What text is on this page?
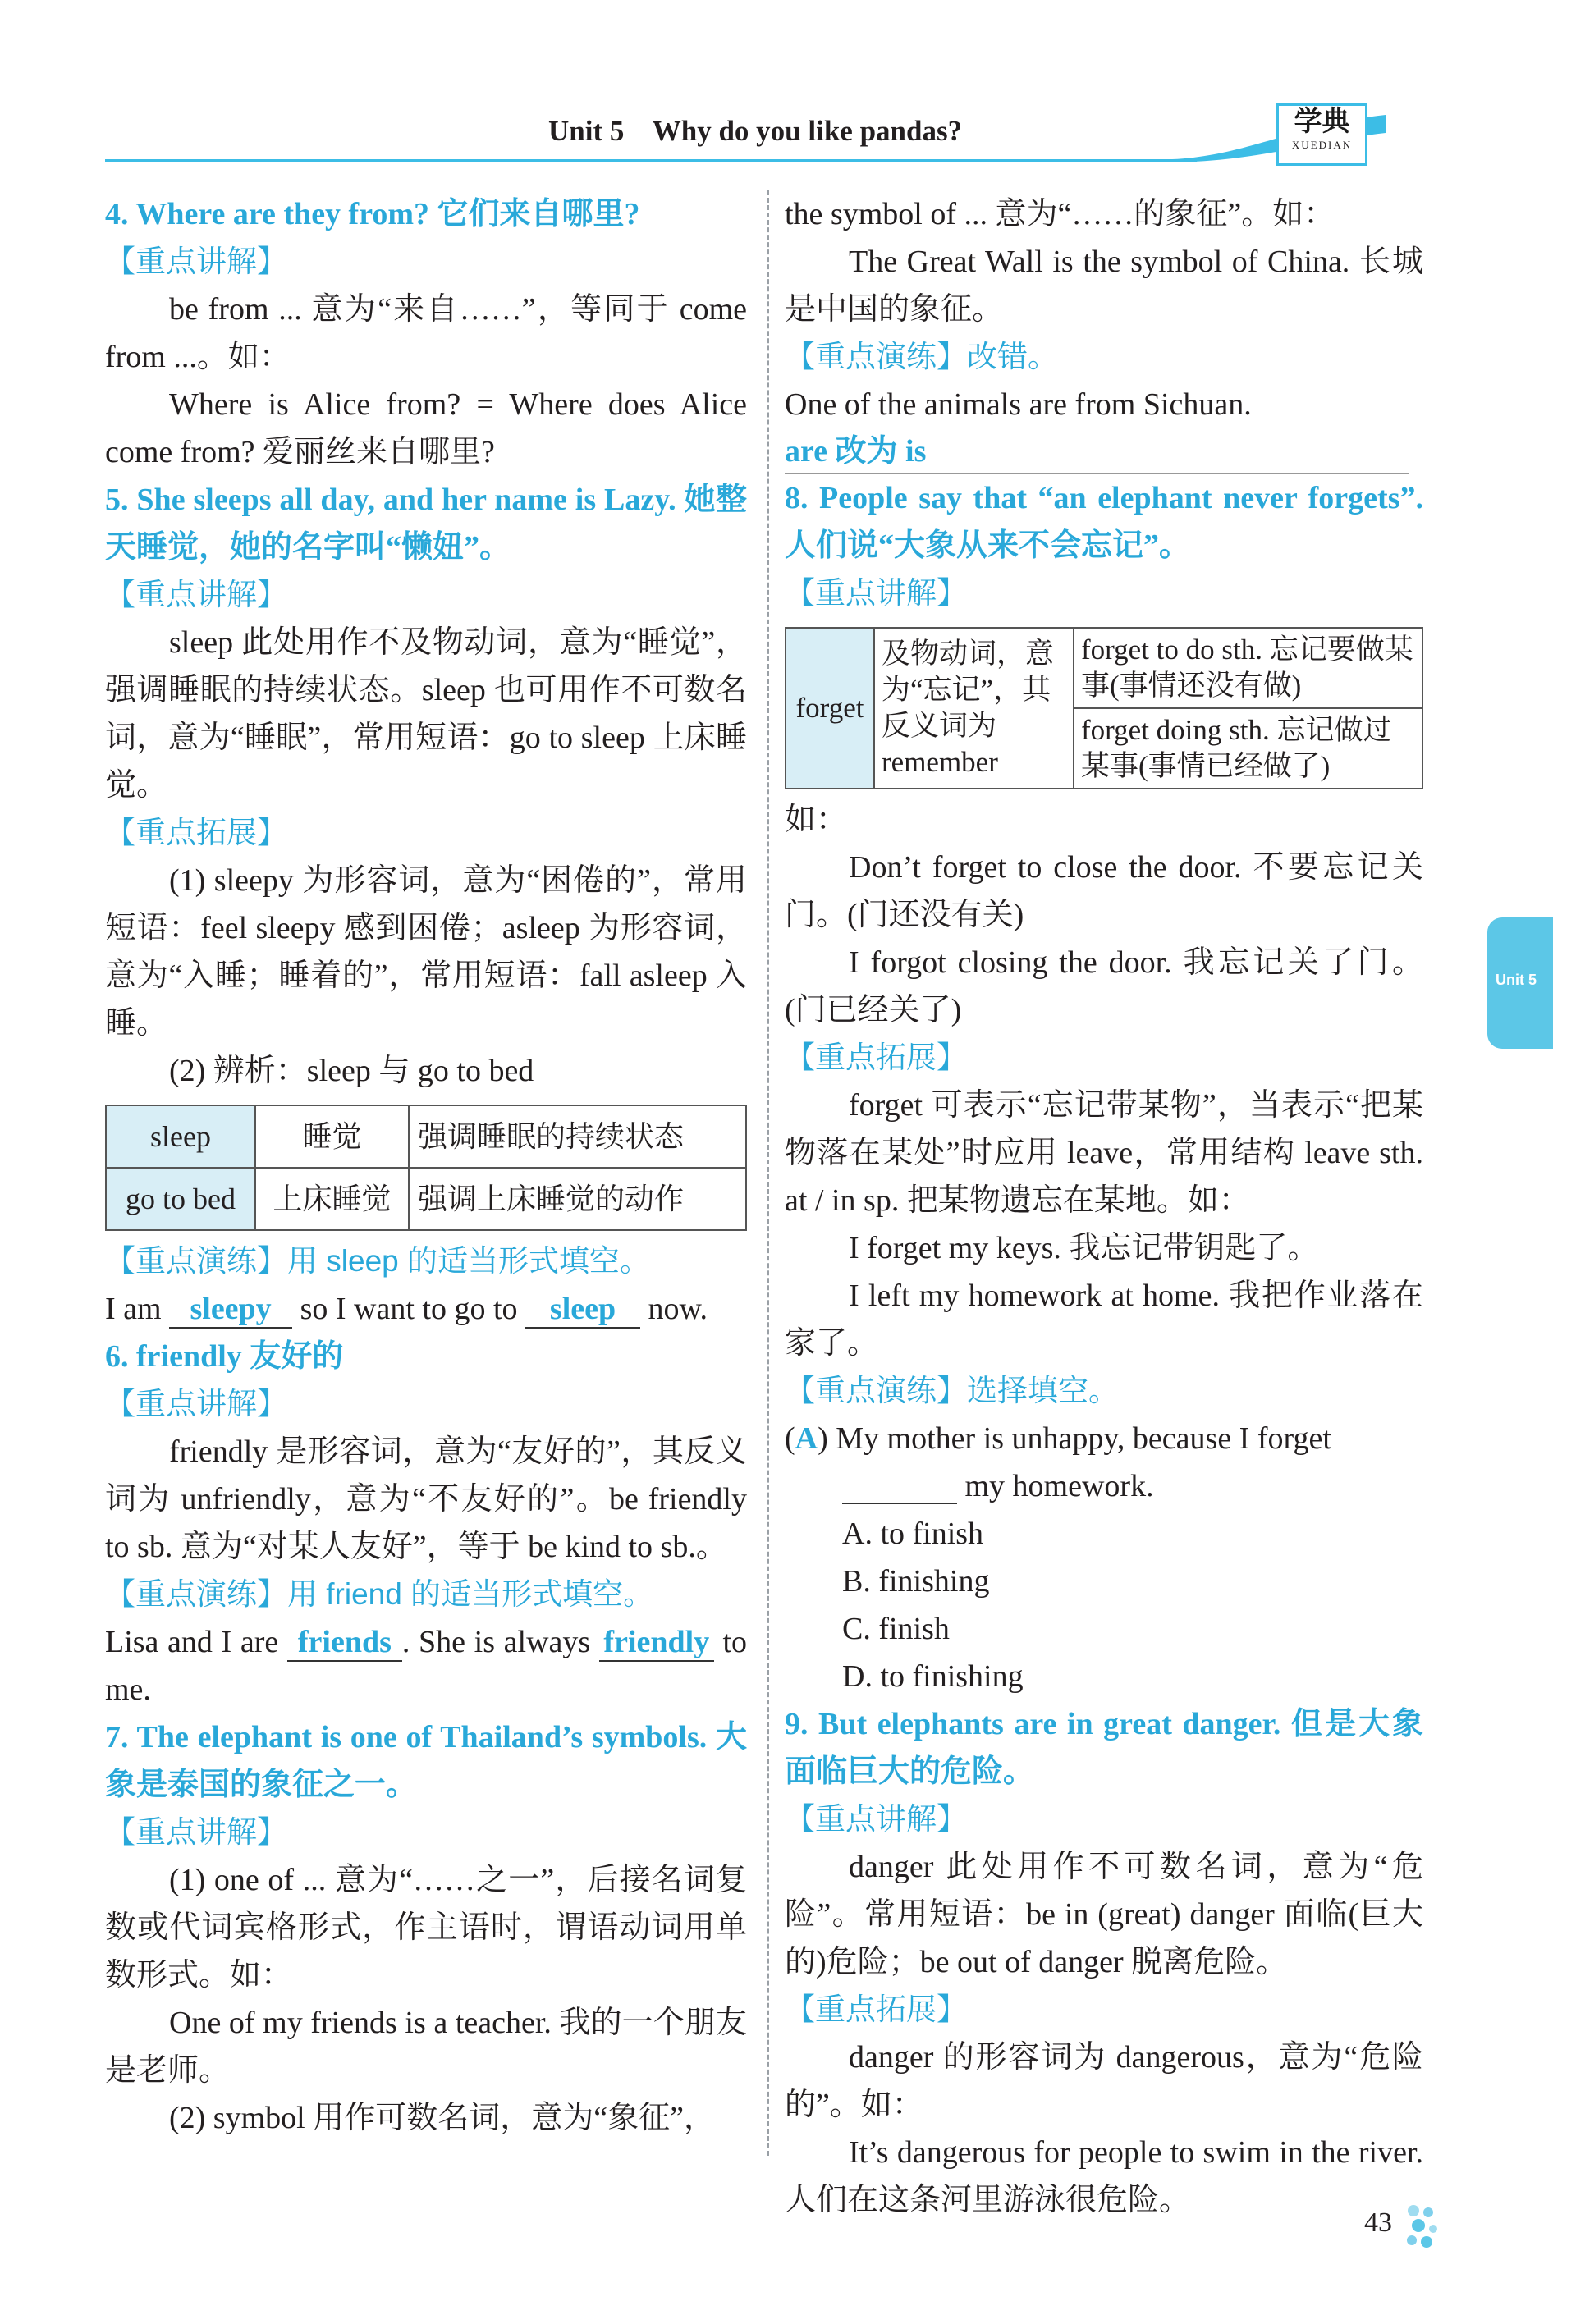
Unit 5    Why do you like pandas?	学典
XUEDIAN
Unit 5

4. Where are they from? 它们来自哪里?

【重点讲解】

be from ... 意为“来自……”，等同于 come from ...。如：

Where is Alice from? = Where does Alice come from? 爱丽丝来自哪里?

5. She sleeps all day, and her name is Lazy. 她整天睡觉，她的名字叫“懒妞”。

【重点讲解】

sleep 此处用作不及物动词，意为“睡觉”，强调睡眠的持续状态。sleep 也可用作不可数名词，意为“睡眠”，常用短语：go to sleep 上床睡觉。

【重点拓展】

(1) sleepy 为形容词，意为“困倦的”，常用短语：feel sleepy 感到困倦；asleep 为形容词，意为“入睡；睡着的”，常用短语：fall asleep 入睡。

(2) 辨析：sleep 与 go to bed

sleep	睡觉	强调睡眠的持续状态
go to bed	上床睡觉	强调上床睡觉的动作

【重点演练】用 sleep 的适当形式填空。

I am sleepy so I want to go to sleep now.

6. friendly 友好的

【重点讲解】

friendly 是形容词，意为“友好的”，其反义词为 unfriendly，意为“不友好的”。be friendly to sb. 意为“对某人友好”，等于 be kind to sb.。

【重点演练】用 friend 的适当形式填空。

Lisa and I are friends . She is always friendly to me.

7. The elephant is one of Thailand’s symbols. 大象是泰国的象征之一。

【重点讲解】

(1) one of ... 意为“……之一”，后接名词复数或代词宾格形式，作主语时，谓语动词用单数形式。如：

One of my friends is a teacher. 我的一个朋友是老师。

(2) symbol 用作可数名词，意为“象征”，

the symbol of ... 意为“……的象征”。如：

The Great Wall is the symbol of China. 长城是中国的象征。

【重点演练】改错。

One of the animals are from Sichuan.

are 改为 is

8. People say that “an elephant never forgets”. 人们说“大象从来不会忘记”。

【重点讲解】

forget	及物动词，意为“忘记”，其反义词为 remember	forget to do sth. 忘记要做某事(事情还没有做)
forget doing sth. 忘记做过某事(事情已经做了)

如：

Don’t forget to close the door. 不要忘记关门。(门还没有关)

I forgot closing the door. 我忘记关了门。(门已经关了)

【重点拓展】

forget 可表示“忘记带某物”，当表示“把某物落在某处”时应用 leave，常用结构 leave sth. at / in sp. 把某物遗忘在某地。如：

I forget my keys. 我忘记带钥匙了。

I left my homework at home. 我把作业落在家了。

【重点演练】选择填空。

(A) My mother is unhappy, because I forget
my homework.

A. to finish
B. finishing
C. finish
D. to finishing

9. But elephants are in great danger. 但是大象面临巨大的危险。

【重点讲解】

danger 此处用作不可数名词，意为“危险”。常用短语：be in (great) danger 面临(巨大的)危险；be out of danger 脱离危险。

【重点拓展】

danger 的形容词为 dangerous，意为“危险的”。如：

It’s dangerous for people to swim in the river. 人们在这条河里游泳很危险。

43
